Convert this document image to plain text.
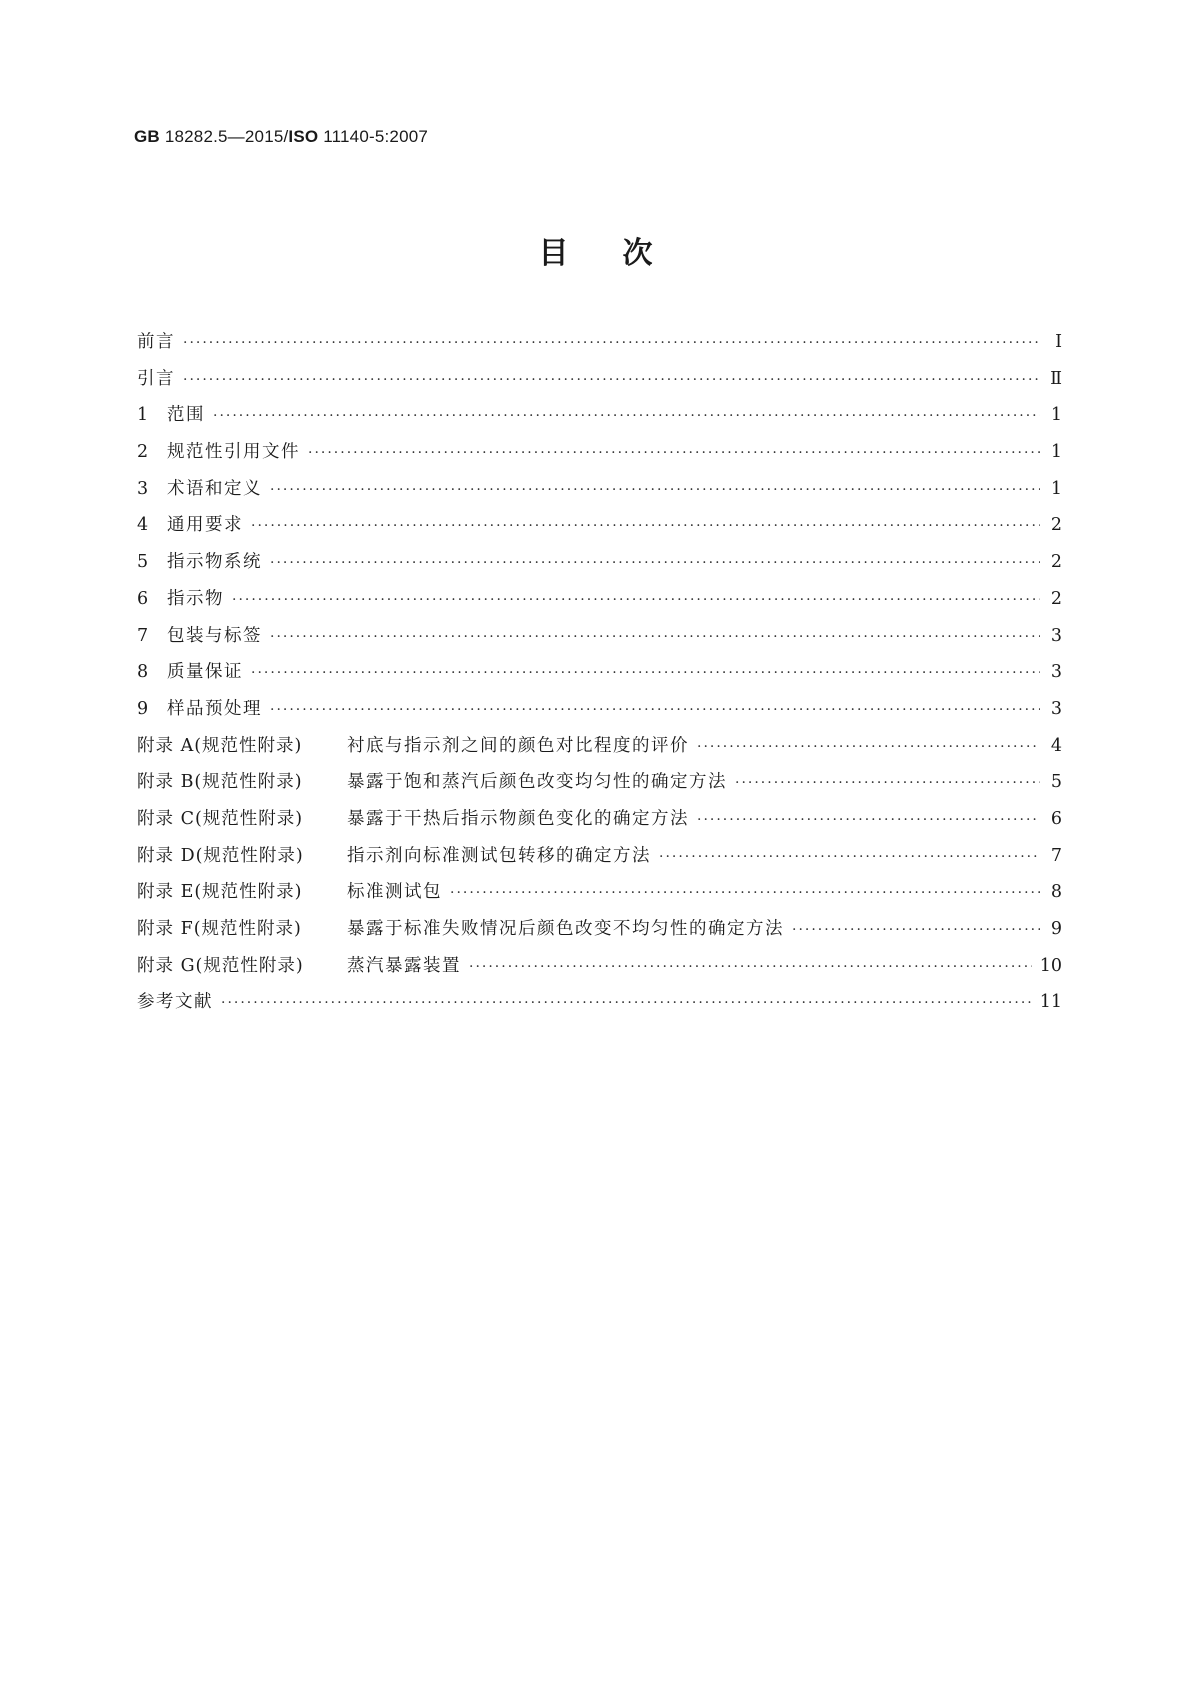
GB 18282.5—2015/ISO 11140-5:2007
目次
前言 ·····	Ⅰ
引言 ·····	Ⅱ
1	范围 ·····	1
2	规范性引用文件 ·····	1
3	术语和定义 ·····	1
4	通用要求 ·····	2
5	指示物系统 ·····	2
6	指示物 ·····	2
7	包装与标签 ·····	3
8	质量保证 ·····	3
9	样品预处理 ·····	3
附录 A(规范性附录)	衬底与指示剂之间的颜色对比程度的评价 ·····	4
附录 B(规范性附录)	暴露于饱和蒸汽后颜色改变均匀性的确定方法 ·····	5
附录 C(规范性附录)	暴露于干热后指示物颜色变化的确定方法 ·····	6
附录 D(规范性附录)	指示剂向标准测试包转移的确定方法 ·····	7
附录 E(规范性附录)	标准测试包 ·····	8
附录 F(规范性附录)	暴露于标准失败情况后颜色改变不均匀性的确定方法 ·····	9
附录 G(规范性附录)	蒸汽暴露装置 ·····	10
参考文献 ·····	11
